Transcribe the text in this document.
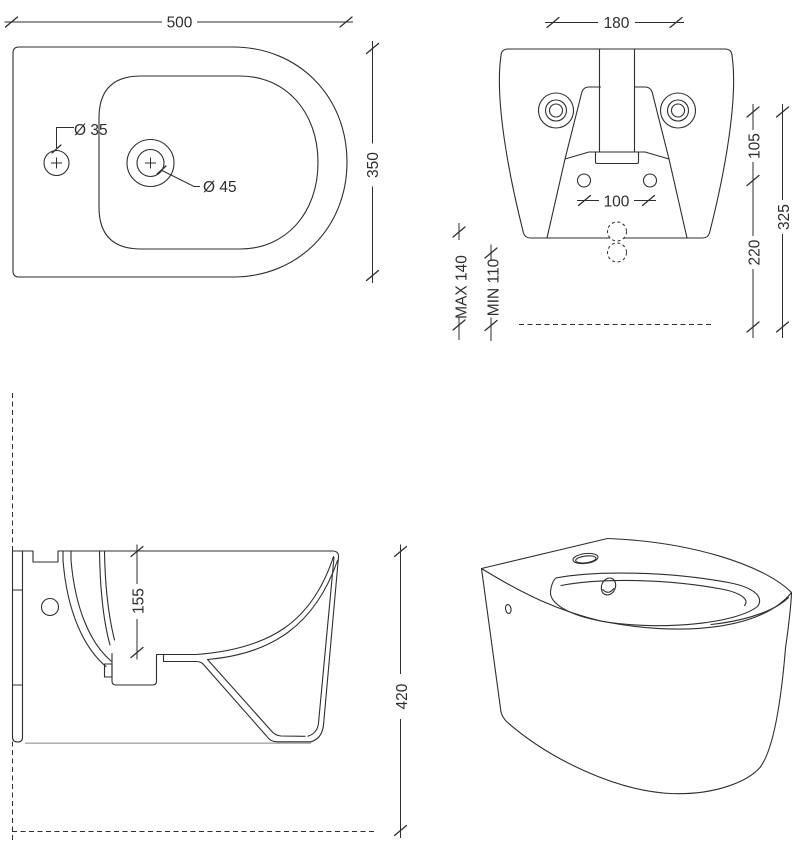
500
350
Ø 35
Ø 45
100
105
220
325
180
MAX 140 MIN 110
155
420
